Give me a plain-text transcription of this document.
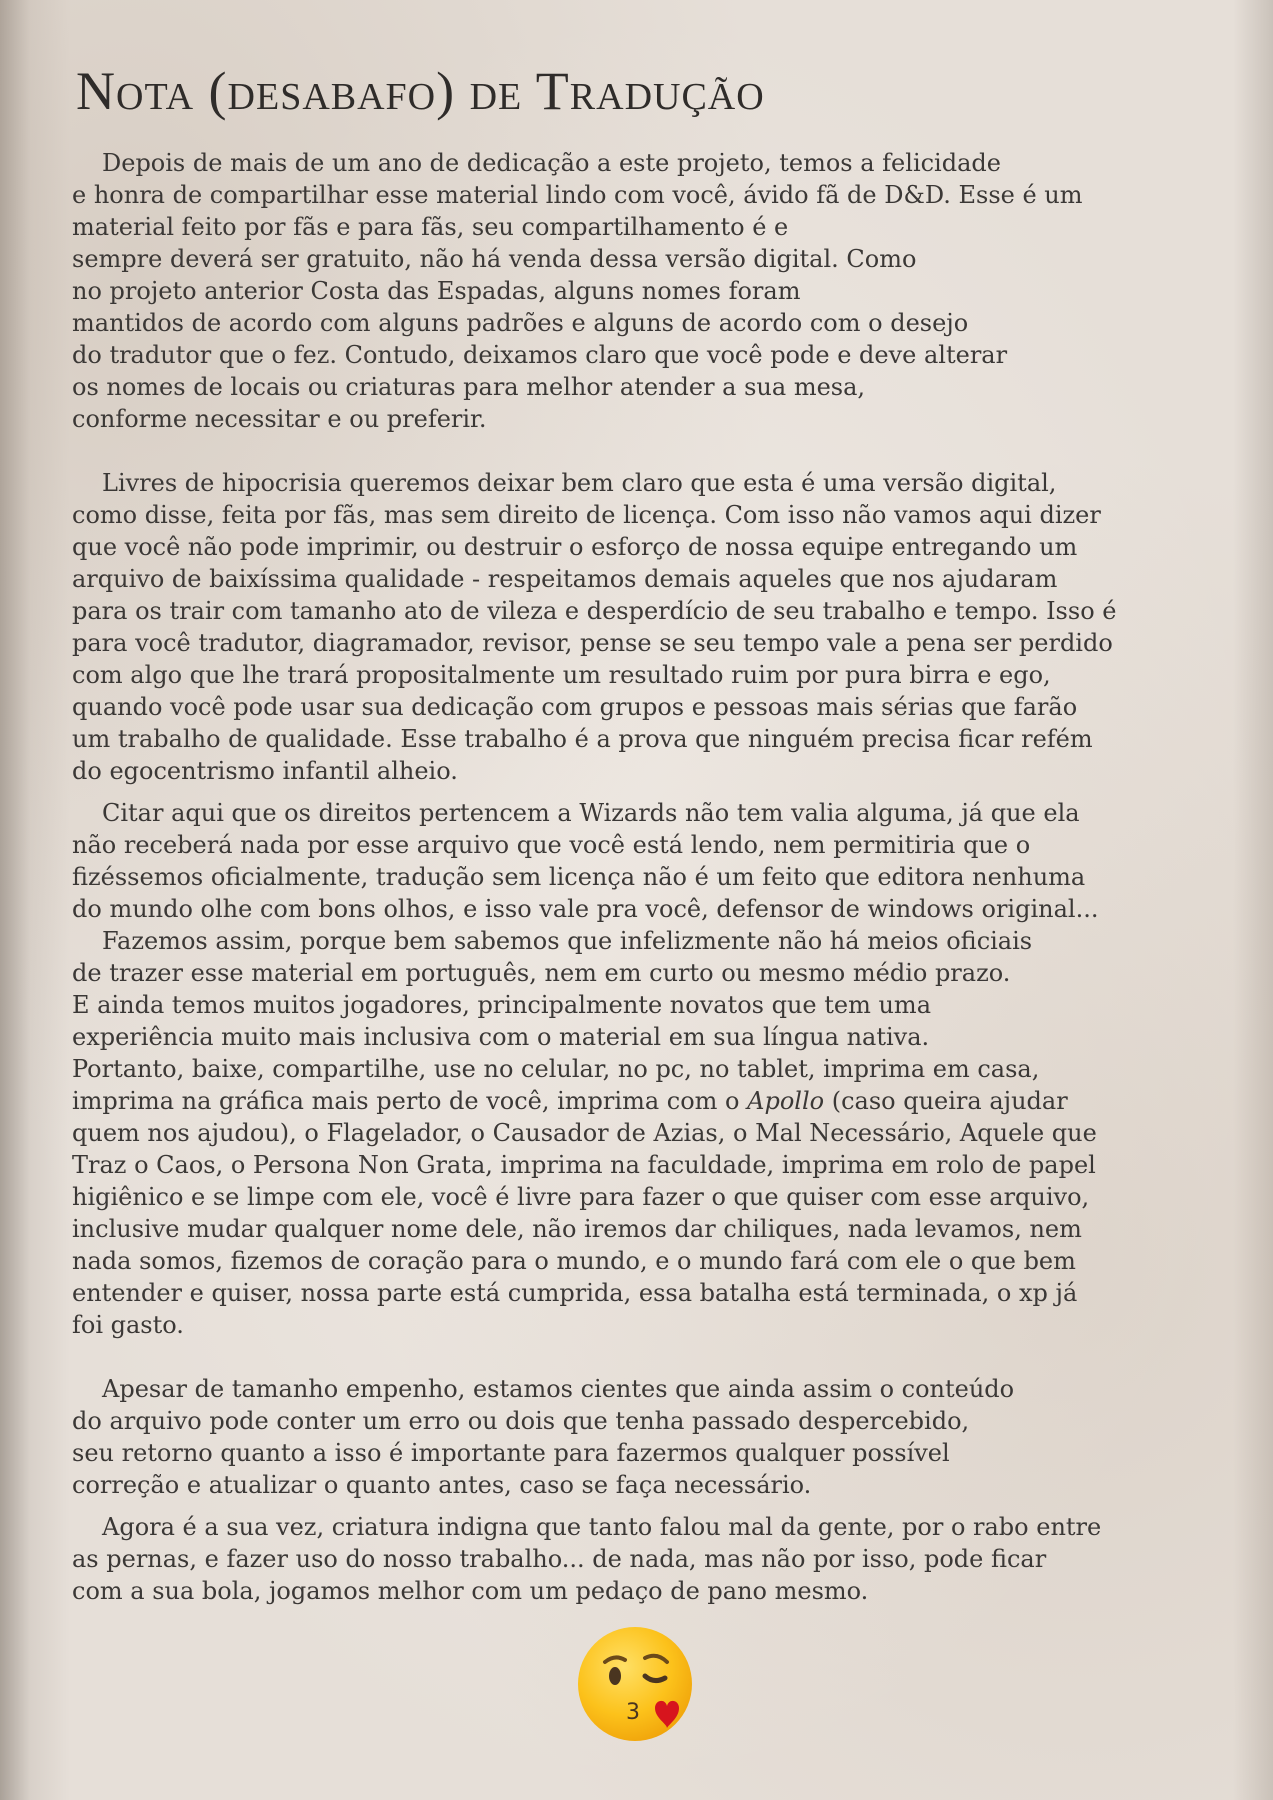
Nota (desabafo) de Tradução

Depois de mais de um ano de dedicação a este projeto, temos a felicidade
e honra de compartilhar esse material lindo com você, ávido fã de D&D. Esse é um
material feito por fãs e para fãs, seu compartilhamento é e
sempre deverá ser gratuito, não há venda dessa versão digital. Como
no projeto anterior Costa das Espadas, alguns nomes foram
mantidos de acordo com alguns padrões e alguns de acordo com o desejo
do tradutor que o fez. Contudo, deixamos claro que você pode e deve alterar
os nomes de locais ou criaturas para melhor atender a sua mesa,
conforme necessitar e ou preferir.

Livres de hipocrisia queremos deixar bem claro que esta é uma versão digital,
como disse, feita por fãs, mas sem direito de licença. Com isso não vamos aqui dizer
que você não pode imprimir, ou destruir o esforço de nossa equipe entregando um
arquivo de baixíssima qualidade - respeitamos demais aqueles que nos ajudaram
para os trair com tamanho ato de vileza e desperdício de seu trabalho e tempo. Isso é
para você tradutor, diagramador, revisor, pense se seu tempo vale a pena ser perdido
com algo que lhe trará propositalmente um resultado ruim por pura birra e ego,
quando você pode usar sua dedicação com grupos e pessoas mais sérias que farão
um trabalho de qualidade. Esse trabalho é a prova que ninguém precisa ficar refém
do egocentrismo infantil alheio.

Citar aqui que os direitos pertencem a Wizards não tem valia alguma, já que ela
não receberá nada por esse arquivo que você está lendo, nem permitiria que o
fizéssemos oficialmente, tradução sem licença não é um feito que editora nenhuma
do mundo olhe com bons olhos, e isso vale pra você, defensor de windows original...

Fazemos assim, porque bem sabemos que infelizmente não há meios oficiais
de trazer esse material em português, nem em curto ou mesmo médio prazo.
E ainda temos muitos jogadores, principalmente novatos que tem uma
experiência muito mais inclusiva com o material em sua língua nativa.
Portanto, baixe, compartilhe, use no celular, no pc, no tablet, imprima em casa,
imprima na gráfica mais perto de você, imprima com o Apollo (caso queira ajudar
quem nos ajudou), o Flagelador, o Causador de Azias, o Mal Necessário, Aquele que
Traz o Caos, o Persona Non Grata, imprima na faculdade, imprima em rolo de papel
higiênico e se limpe com ele, você é livre para fazer o que quiser com esse arquivo,
inclusive mudar qualquer nome dele, não iremos dar chiliques, nada levamos, nem
nada somos, fizemos de coração para o mundo, e o mundo fará com ele o que bem
entender e quiser, nossa parte está cumprida, essa batalha está terminada, o xp já
foi gasto.

Apesar de tamanho empenho, estamos cientes que ainda assim o conteúdo
do arquivo pode conter um erro ou dois que tenha passado despercebido,
seu retorno quanto a isso é importante para fazermos qualquer possível
correção e atualizar o quanto antes, caso se faça necessário.

Agora é a sua vez, criatura indigna que tanto falou mal da gente, por o rabo entre
as pernas, e fazer uso do nosso trabalho... de nada, mas não por isso, pode ficar
com a sua bola, jogamos melhor com um pedaço de pano mesmo.

3
